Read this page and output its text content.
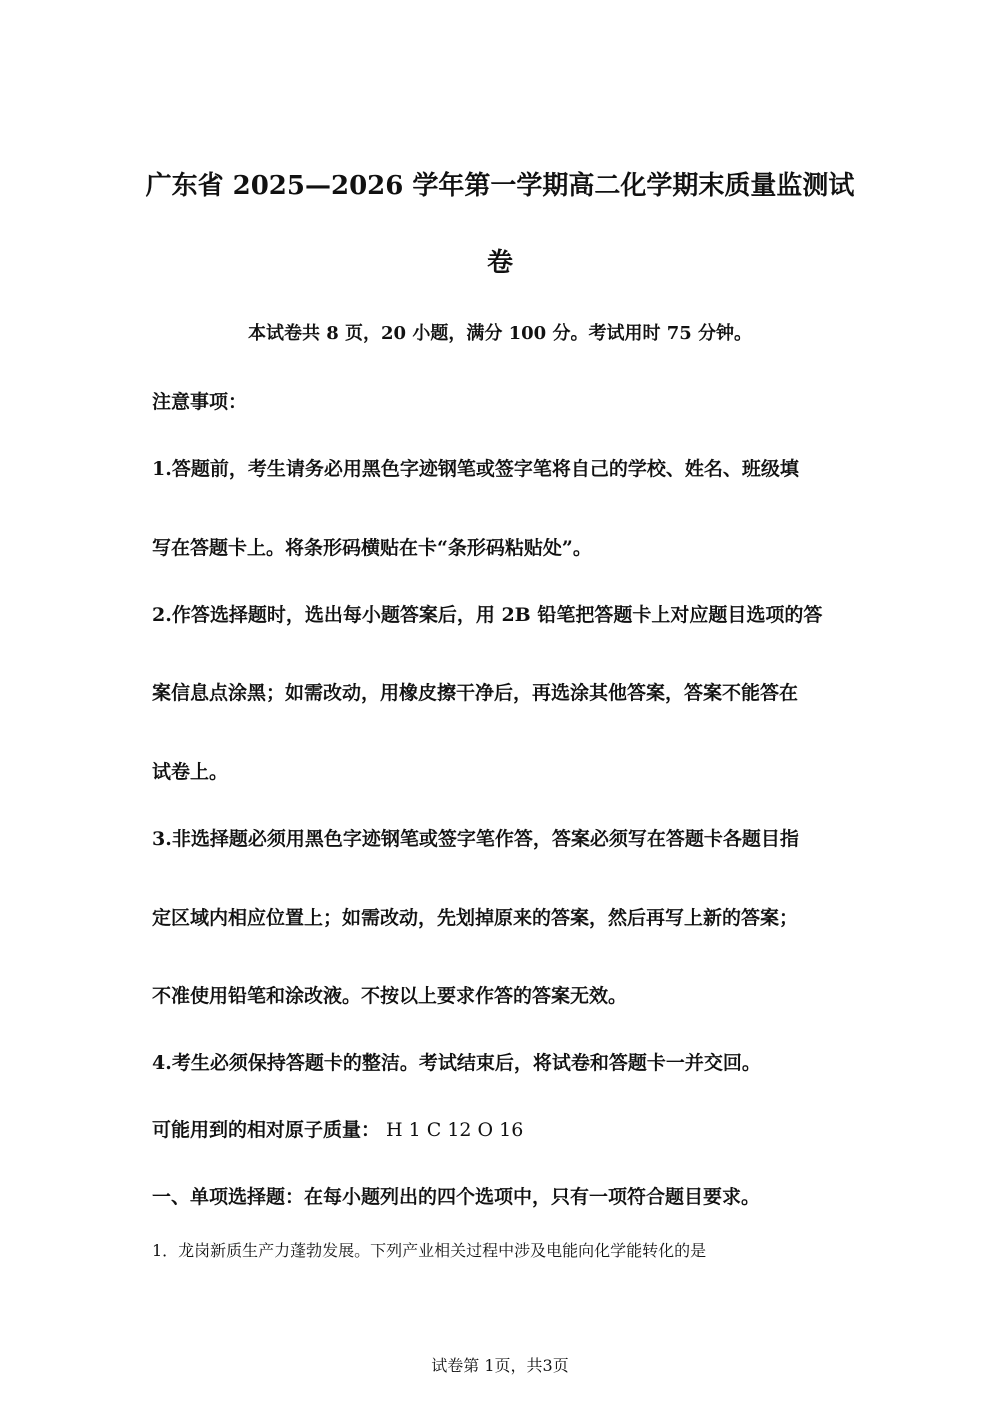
广东省 2025—2026 学年第一学期高二化学期末质量监测试
卷
本试卷共 8 页，20 小题，满分 100 分。考试用时 75 分钟。
注意事项：
1.答题前，考生请务必用黑色字迹钢笔或签字笔将自己的学校、姓名、班级填
写在答题卡上。将条形码横贴在卡“条形码粘贴处”。
2.作答选择题时，选出每小题答案后，用 2B 铅笔把答题卡上对应题目选项的答
案信息点涂黑；如需改动，用橡皮擦干净后，再选涂其他答案，答案不能答在
试卷上。
3.非选择题必须用黑色字迹钢笔或签字笔作答，答案必须写在答题卡各题目指
定区域内相应位置上；如需改动，先划掉原来的答案，然后再写上新的答案；
不准使用铅笔和涂改液。不按以上要求作答的答案无效。
4.考生必须保持答题卡的整洁。考试结束后，将试卷和答题卡一并交回。
可能用到的相对原子质量： H 1 C 12 O 16
一、单项选择题：在每小题列出的四个选项中，只有一项符合题目要求。
1．龙岗新质生产力蓬勃发展。下列产业相关过程中涉及电能向化学能转化的是
试卷第 1页，共3页
